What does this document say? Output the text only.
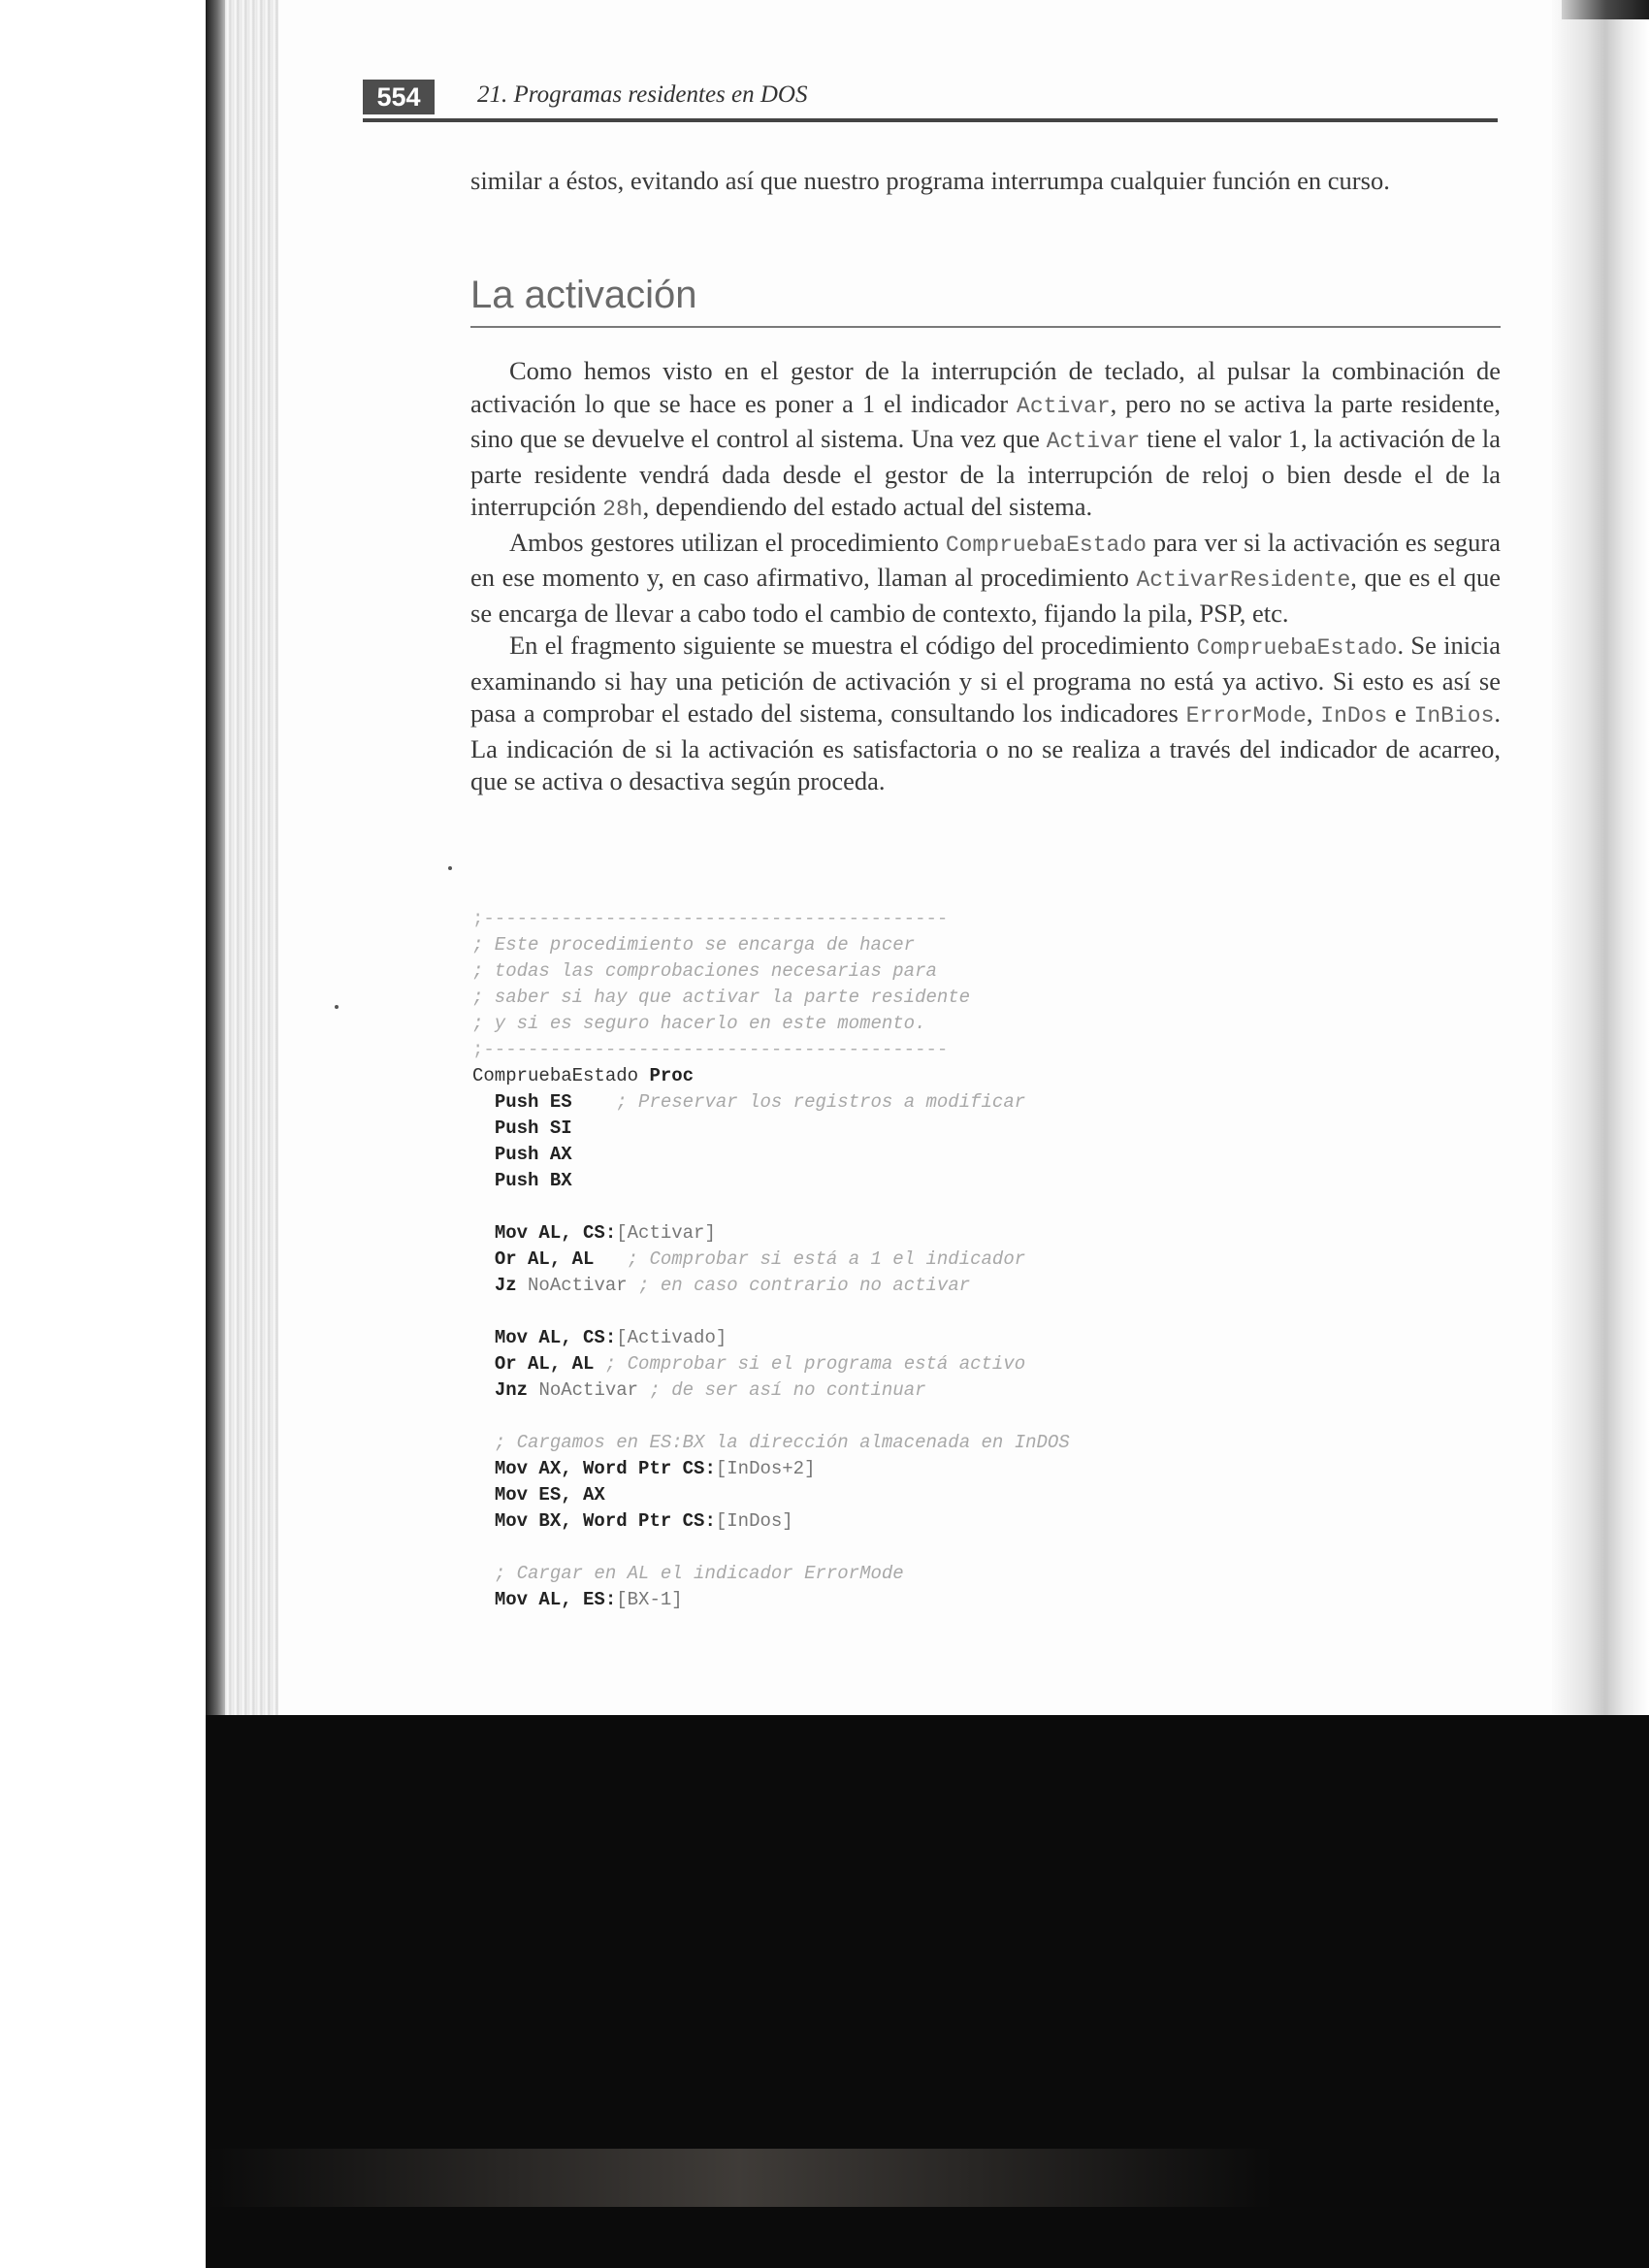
554	21. Programas residentes en DOS

similar a éstos, evitando así que nuestro programa interrumpa cualquier función en curso.

La activación

Como hemos visto en el gestor de la interrupción de teclado, al pulsar la combinación de activación lo que se hace es poner a 1 el indicador Activar, pero no se activa la parte residente, sino que se devuelve el control al sistema. Una vez que Activar tiene el valor 1, la activación de la parte residente vendrá dada desde el gestor de la interrupción de reloj o bien desde el de la interrupción 28h, dependiendo del estado actual del sistema.

Ambos gestores utilizan el procedimiento CompruebaEstado para ver si la activación es segura en ese momento y, en caso afirmativo, llaman al procedimiento ActivarResidente, que es el que se encarga de llevar a cabo todo el cambio de contexto, fijando la pila, PSP, etc.

En el fragmento siguiente se muestra el código del procedimiento CompruebaEstado. Se inicia examinando si hay una petición de activación y si el programa no está ya activo. Si esto es así se pasa a comprobar el estado del sistema, consultando los indicadores ErrorMode, InDos e InBios. La indicación de si la activación es satisfactoria o no se realiza a través del indicador de acarreo, que se activa o desactiva según proceda.

;------------------------------------------
; Este procedimiento se encarga de hacer
; todas las comprobaciones necesarias para
; saber si hay que activar la parte residente
; y si es seguro hacerlo en este momento.
;------------------------------------------
CompruebaEstado Proc
Push ES ; Preservar los registros a modificar
Push SI
Push AX
Push BX

Mov AL, CS:[Activar]
Or AL, AL ; Comprobar si está a 1 el indicador
Jz NoActivar ; en caso contrario no activar

Mov AL, CS:[Activado]
Or AL, AL ; Comprobar si el programa está activo
Jnz NoActivar ; de ser así no continuar

; Cargamos en ES:BX la dirección almacenada en InDOS
Mov AX, Word Ptr CS:[InDos+2]
Mov ES, AX
Mov BX, Word Ptr CS:[InDos]

; Cargar en AL el indicador ErrorMode
Mov AL, ES:[BX-1]
